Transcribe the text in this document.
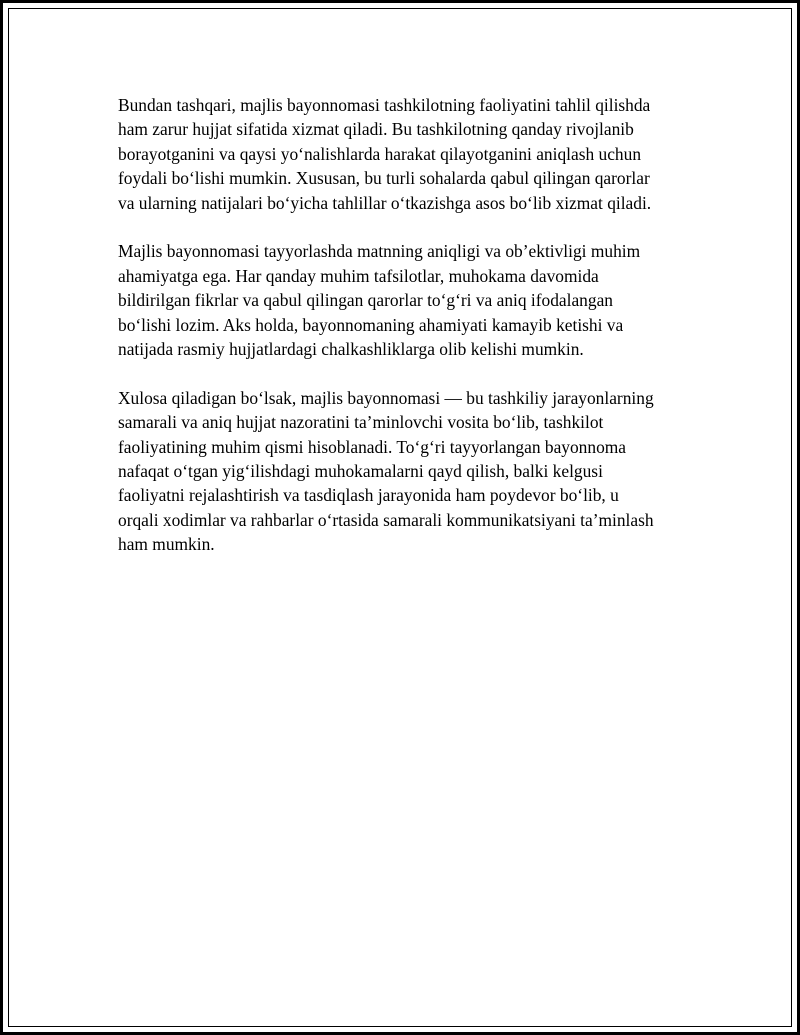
Bundan tashqari, majlis bayonnomasi tashkilotning faoliyatini tahlil qilishda
ham zarur hujjat sifatida xizmat qiladi. Bu tashkilotning qanday rivojlanib
borayotganini va qaysi yo‘nalishlarda harakat qilayotganini aniqlash uchun
foydali bo‘lishi mumkin. Xususan, bu turli sohalarda qabul qilingan qarorlar
va ularning natijalari bo‘yicha tahlillar o‘tkazishga asos bo‘lib xizmat qiladi.

Majlis bayonnomasi tayyorlashda matnning aniqligi va ob’ektivligi muhim
ahamiyatga ega. Har qanday muhim tafsilotlar, muhokama davomida
bildirilgan fikrlar va qabul qilingan qarorlar to‘g‘ri va aniq ifodalangan
bo‘lishi lozim. Aks holda, bayonnomaning ahamiyati kamayib ketishi va
natijada rasmiy hujjatlardagi chalkashliklarga olib kelishi mumkin.

Xulosa qiladigan bo‘lsak, majlis bayonnomasi — bu tashkiliy jarayonlarning
samarali va aniq hujjat nazoratini ta’minlovchi vosita bo‘lib, tashkilot
faoliyatining muhim qismi hisoblanadi. To‘g‘ri tayyorlangan bayonnoma
nafaqat o‘tgan yig‘ilishdagi muhokamalarni qayd qilish, balki kelgusi
faoliyatni rejalashtirish va tasdiqlash jarayonida ham poydevor bo‘lib, u
orqali xodimlar va rahbarlar o‘rtasida samarali kommunikatsiyani ta’minlash
ham mumkin.
